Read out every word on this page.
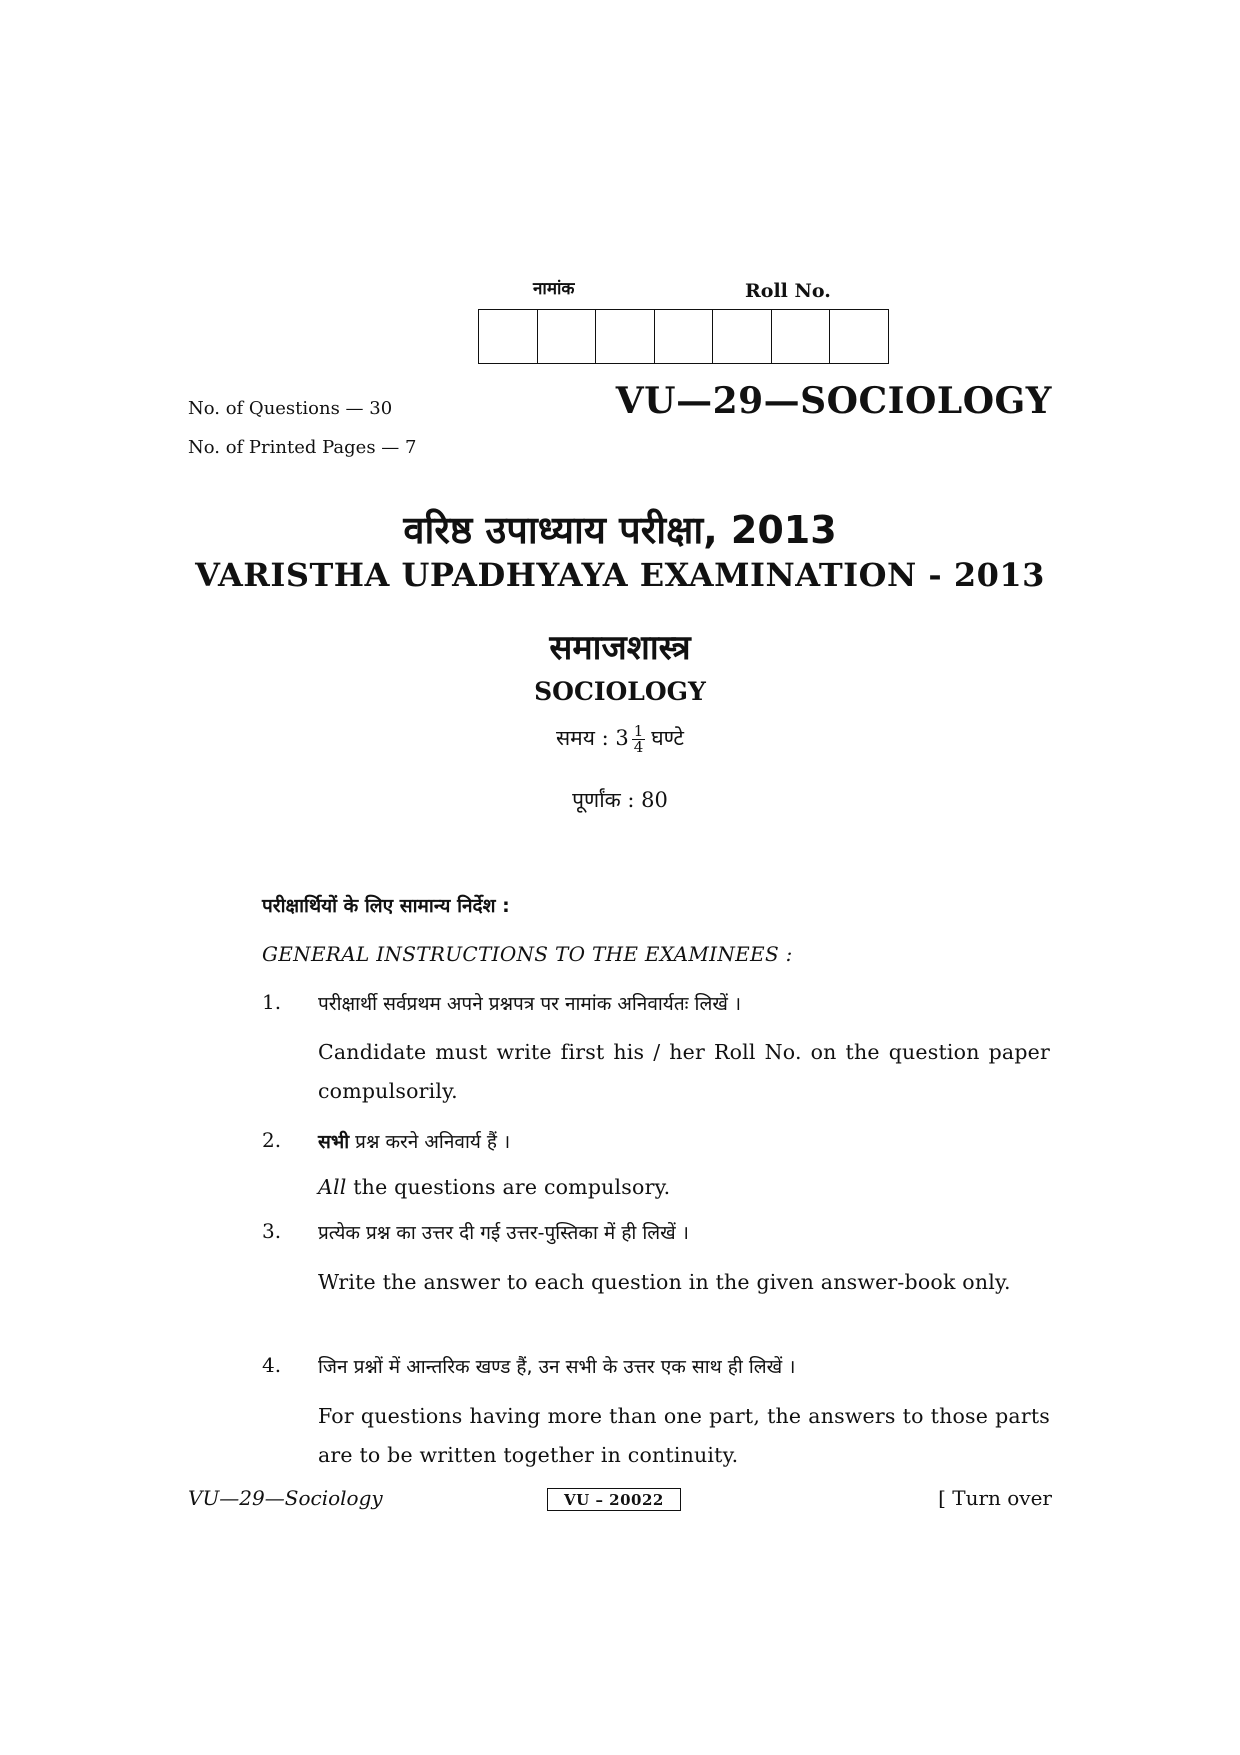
नामांक	Roll No.
No. of Questions — 30
No. of Printed Pages — 7
VU—29—SOCIOLOGY
वरिष्ठ उपाध्याय परीक्षा, 2013
VARISTHA UPADHYAYA EXAMINATION - 2013
समाजशास्त्र
SOCIOLOGY
समय : $3 \frac{1}{4}$ घण्टे
पूर्णांक : 80
परीक्षार्थियों के लिए सामान्य निर्देश :
GENERAL INSTRUCTIONS TO THE EXAMINEES :
1. परीक्षार्थी सर्वप्रथम अपने प्रश्नपत्र पर नामांक अनिवार्यतः लिखें ।
Candidate must write first his / her Roll No. on the question paper compulsorily.
2. सभी प्रश्न करने अनिवार्य हैं ।
All the questions are compulsory.
3. प्रत्येक प्रश्न का उत्तर दी गई उत्तर-पुस्तिका में ही लिखें ।
Write the answer to each question in the given answer-book only.
4. जिन प्रश्नों में आन्तरिक खण्ड हैं, उन सभी के उत्तर एक साथ ही लिखें ।
For questions having more than one part, the answers to those parts are to be written together in continuity.
VU—29—Sociology	VU – 20022	[ Turn over
